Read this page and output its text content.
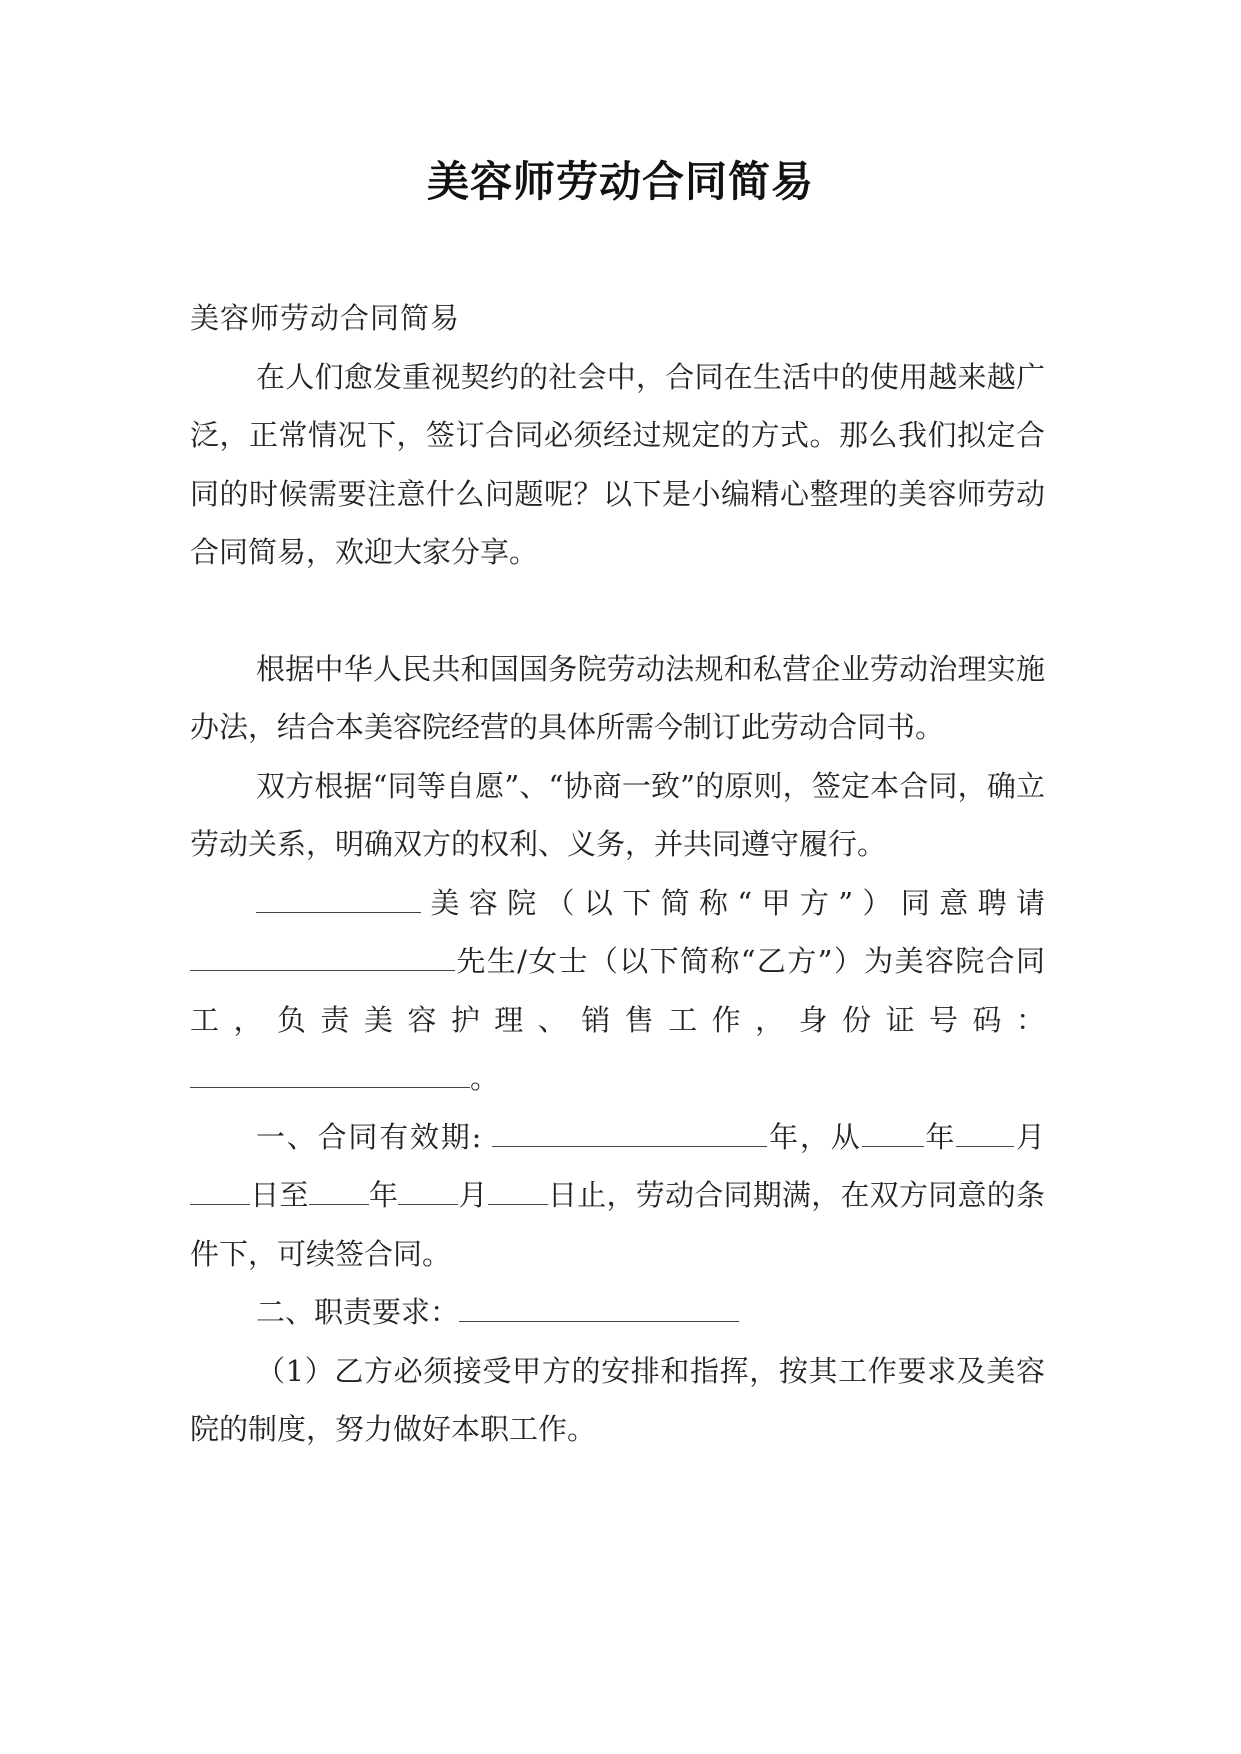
美容师劳动合同简易

美容师劳动合同简易

在人们愈发重视契约的社会中，合同在生活中的使用越来越广泛，正常情况下，签订合同必须经过规定的方式。那么我们拟定合同的时候需要注意什么问题呢？以下是小编精心整理的美容师劳动合同简易，欢迎大家分享。

根据中华人民共和国国务院劳动法规和私营企业劳动治理实施办法，结合本美容院经营的具体所需今制订此劳动合同书。

双方根据“同等自愿”、“协商一致”的原则，签定本合同，确立劳动关系，明确双方的权利、义务，并共同遵守履行。

美容院（以下简称“甲方”）同意聘请先生/女士（以下简称“乙方”）为美容院合同工，负责美容护理、销售工作，身份证号码：。

一、合同有效期:	年，从 年 月日至 年 月 日止，劳动合同期满，在双方同意的条件下，可续签合同。

二、职责要求：

（1）乙方必须接受甲方的安排和指挥，按其工作要求及美容院的制度，努力做好本职工作。
